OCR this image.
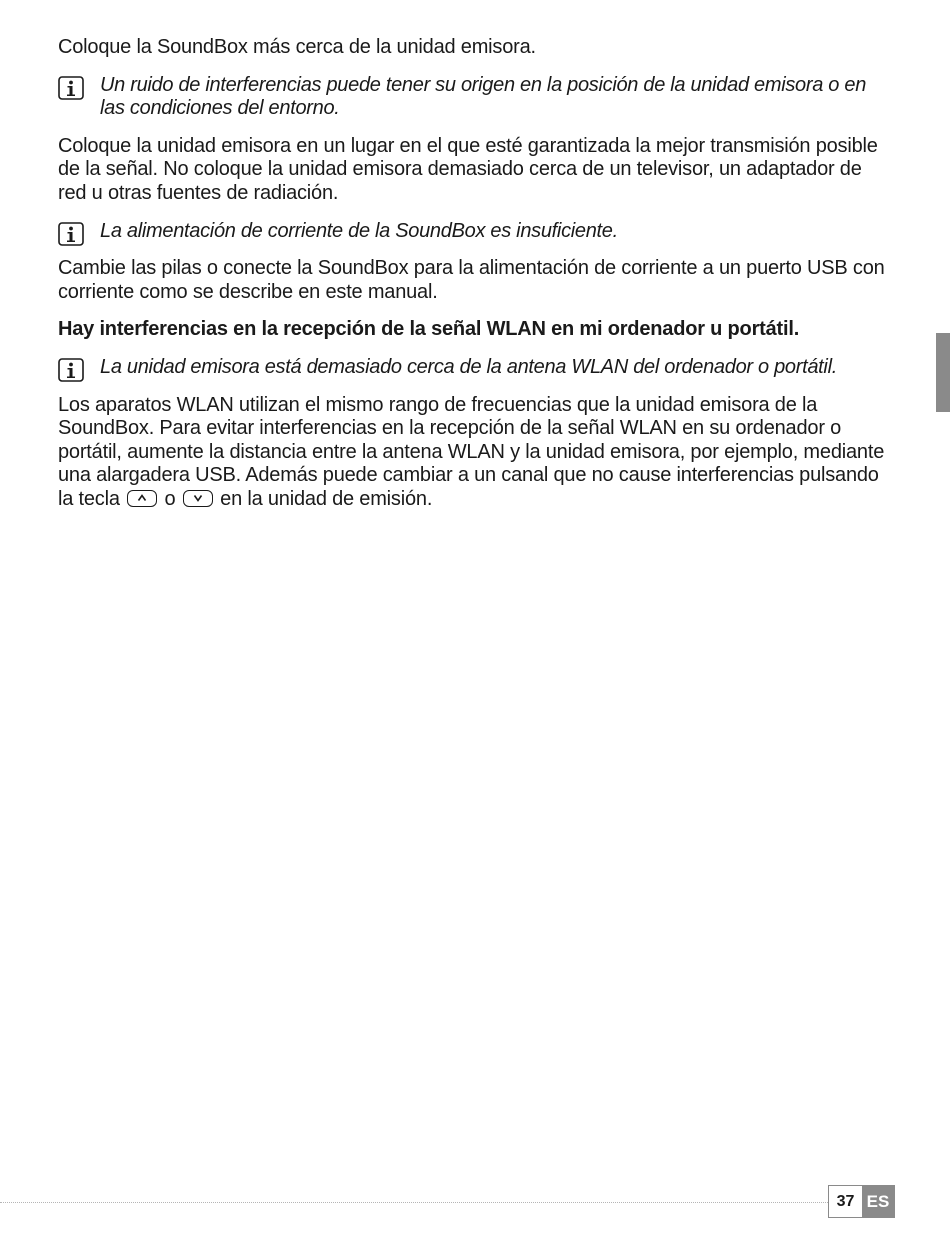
Coloque la SoundBox más cerca de la unidad emisora.

Un ruido de interferencias puede tener su origen en la posición de la unidad emisora o en las condiciones del entorno.

Coloque la unidad emisora en un lugar en el que esté garantizada la mejor transmisión posible de la señal. No coloque la unidad emisora demasiado cerca de un televisor, un adaptador de red u otras fuentes de radiación.

La alimentación de corriente de la SoundBox es insuficiente.

Cambie las pilas o conecte la SoundBox para la alimentación de corriente a un puerto USB con corriente como se describe en este manual.

Hay interferencias en la recepción de la señal WLAN en mi ordenador u portátil.

La unidad emisora está demasiado cerca de la antena WLAN del ordenador o portátil.

Los aparatos WLAN utilizan el mismo rango de frecuencias que la unidad emisora de la SoundBox. Para evitar interferencias en la recepción de la señal WLAN en su ordenador o portátil, aumente la distancia entre la antena WLAN y la unidad emisora, por ejemplo, mediante una alargadera USB. Además puede cambiar a un canal que no cause interferencias pulsando la tecla o en la unidad de emisión.

37 ES
